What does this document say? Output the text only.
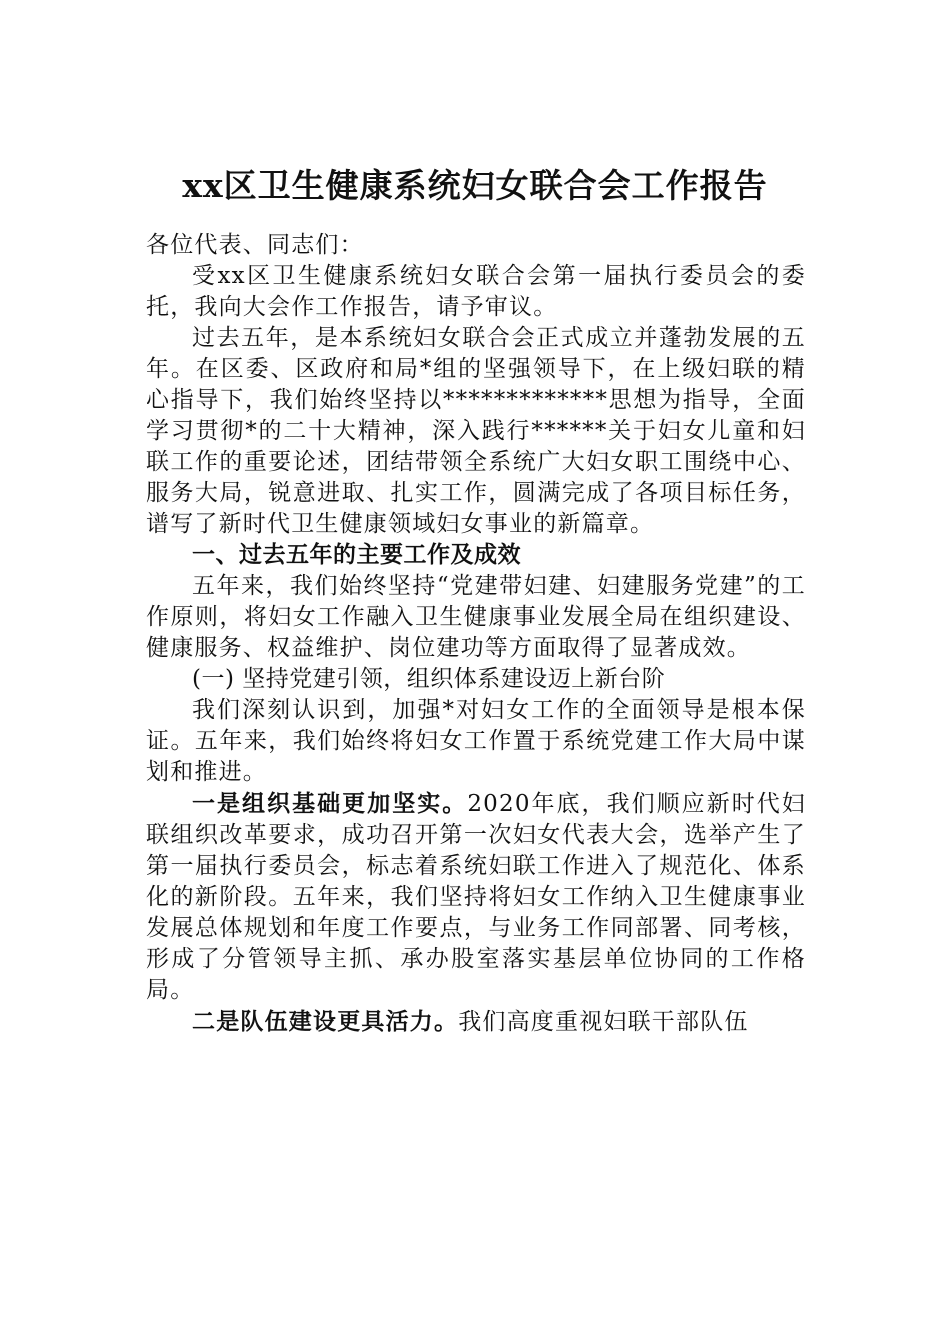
xx区卫生健康系统妇女联合会工作报告

各位代表、同志们：

受xx区卫生健康系统妇女联合会第一届执行委员会的委托，我向大会作工作报告，请予审议。

过去五年，是本系统妇女联合会正式成立并蓬勃发展的五年。在区委、区政府和局*组的坚强领导下，在上级妇联的精心指导下，我们始终坚持以*************思想为指导，全面学习贯彻*的二十大精神，深入践行******关于妇女儿童和妇联工作的重要论述，团结带领全系统广大妇女职工围绕中心、服务大局，锐意进取、扎实工作，圆满完成了各项目标任务，谱写了新时代卫生健康领域妇女事业的新篇章。

一、过去五年的主要工作及成效

五年来，我们始终坚持“党建带妇建、妇建服务党建”的工作原则，将妇女工作融入卫生健康事业发展全局在组织建设、健康服务、权益维护、岗位建功等方面取得了显著成效。

(一) 坚持党建引领，组织体系建设迈上新台阶

我们深刻认识到，加强*对妇女工作的全面领导是根本保证。五年来，我们始终将妇女工作置于系统党建工作大局中谋划和推进。

一是组织基础更加坚实。2020年底，我们顺应新时代妇联组织改革要求，成功召开第一次妇女代表大会，选举产生了第一届执行委员会，标志着系统妇联工作进入了规范化、体系化的新阶段。五年来，我们坚持将妇女工作纳入卫生健康事业发展总体规划和年度工作要点，与业务工作同部署、同考核，形成了分管领导主抓、承办股室落实基层单位协同的工作格局。

二是队伍建设更具活力。我们高度重视妇联干部队伍
